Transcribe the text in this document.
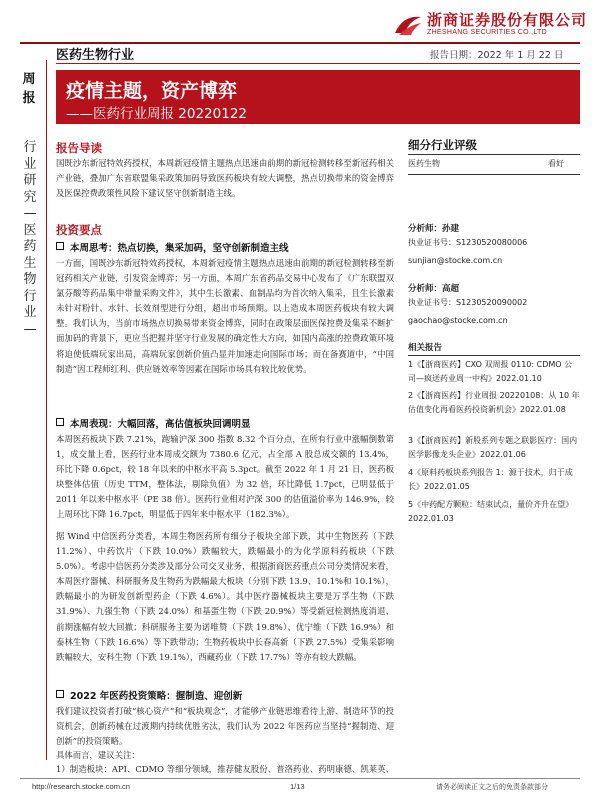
浙商证券股份有限公司
ZHESHANG SECURITIES CO.,LTD
医药生物行业	报告日期：2022 年 1 月 22 日
疫情主题，资产博弈
——医药行业周报 20220122
周报
行业研究—医药生物行业—
报告导读
国既沙东新冠特效药授权，本周新冠疫情主题热点迅速由前期的新冠检测转移至新冠药相关产业链，叠加广东省联盟集采政策加码导致医药板块有较大调整，热点切换带来的资金博弈及医保控费政策性风险下建议坚守创新制造主线。
投资要点
本周思考：热点切换，集采加码，坚守创新制造主线
一方面，国既沙东新冠特效药授权，本周新冠疫情主题热点迅速由前期的新冠检测转移至新冠药相关产业链，引发资金博弈；另一方面，本周广东省药品交易中心发布了《广东联盟双氯芬酸等药品集中带量采购文件》，其中生长激素、血制品均为首次纳入集采，且生长激素未针对粉针、水针、长效剂型进行分组，超出市场预期。以上造成本周医药板块有较大调整。我们认为，当前市场热点切换易带来资金博弈，同时在政策层面医保控费及集采不断扩面加码的背景下，更应当把握并坚守行业发展的确定性大方向，如国内高涨的控费政策环境将迫使低端玩家出局，高端玩家创新价值凸显并加速走向国际市场；而在备赛道中，“中国制造”因工程师红利、供应链效率等因素在国际市场具有较比较优势。
本周表现：大幅回落，高估值板块回调明显
本周医药板块下跌 7.21%，跑输沪深 300 指数 8.32 个百分点，在所有行业中涨幅倒数第 1，成交量上看，医药行业本周成交额为 7380.6 亿元，占全部 A 股总成交额的 13.4%，环比下降 0.6pct，较 18 年以来的中枢水平高 5.3pct。截至 2022 年 1 月 21 日，医药板块整体估值（历史 TTM，整体法，剔除负值）为 32 倍，环比降低 1.7pct，已明显低于 2011 年以来中枢水平（PE 38 倍）。医药行业相对沪深 300 的估值溢价率为 146.9%，较上周环比下降 16.7pct，明显低于四年来中枢水平（182.3%）。
据 Wind 中信医药分类看，本周生物医药所有细分子板块全部下跌，其中生物医药（下跌 11.2%）、中药饮片（下跌 10.0%）跌幅较大，跌幅最小的为化学原料药板块（下跌 5.0%）。考虑中信医药分类涉及部分公司交叉业务，根据浙商医药重点公司分类情况来看，本周医疗器械、科研服务及生物药为跌幅最大板块（分别下跌 13.9、10.1%和 10.1%），跌幅最小的为研发创新型药企（下跌 4.6%）。其中医疗器械板块主要是万孚生物（下跌 31.9%）、九强生物（下跌 24.0%）和基蛋生物（下跌 20.9%）等受新冠检测热度消退、前期涨幅有较大回撤；科研服务主要为诺唯赞（下跌 19.8%）、优宁维（下跌 16.9%）和泰林生物（下跌 16.6%）等下跌带动；生物药板块中长春高新（下跌 27.5%）受集采影响跌幅较大，安科生物（下跌 19.1%），西藏药业（下跌 17.7%）等亦有较大跌幅。
2022 年医药投资策略：握制造、迎创新
我们建议投资者打破“核心资产”和“板块观念”，才能够产业链思维看待上游、制造环节的投资机会，创新药械在过渡期内持续优胜劣汰，我们认为 2022 年医药应当坚持“握制造、迎创新”的投资策略。
具体而言，建议关注：
1）制造板块：API、CDMO 等细分领域，推荐健友股份、普洛药业、药明康德、凯莱英、
细分行业评级
医药生物	看好
分析师：孙建
执业证书号：S1230520080006
sunjian@stocke.com.cn
分析师：高超
执业证书号：S1230520090002
gaochao@stocke.com.cn
相关报告
1《【浙商医药】CXO 双周报 0110: CDMO 公司—疯送药业周一中构》2022.01.10
2《【浙商医药】行业周报 20220108：从 10 年估值变化再看医药投资新机会》2022.01.08
3《【浙商医药】新股系列专题之联影医疗：国内医学影像龙头企业》2022.01.06
4《原料药板块系列报告 1：源于技术，归于成长》2022.01.05
5《中药配方颗粒：结束试点，量价齐升在望》2022.01.03
http://research.stocke.com.cn	1/13	请务必阅读正文之后的免责条款部分
